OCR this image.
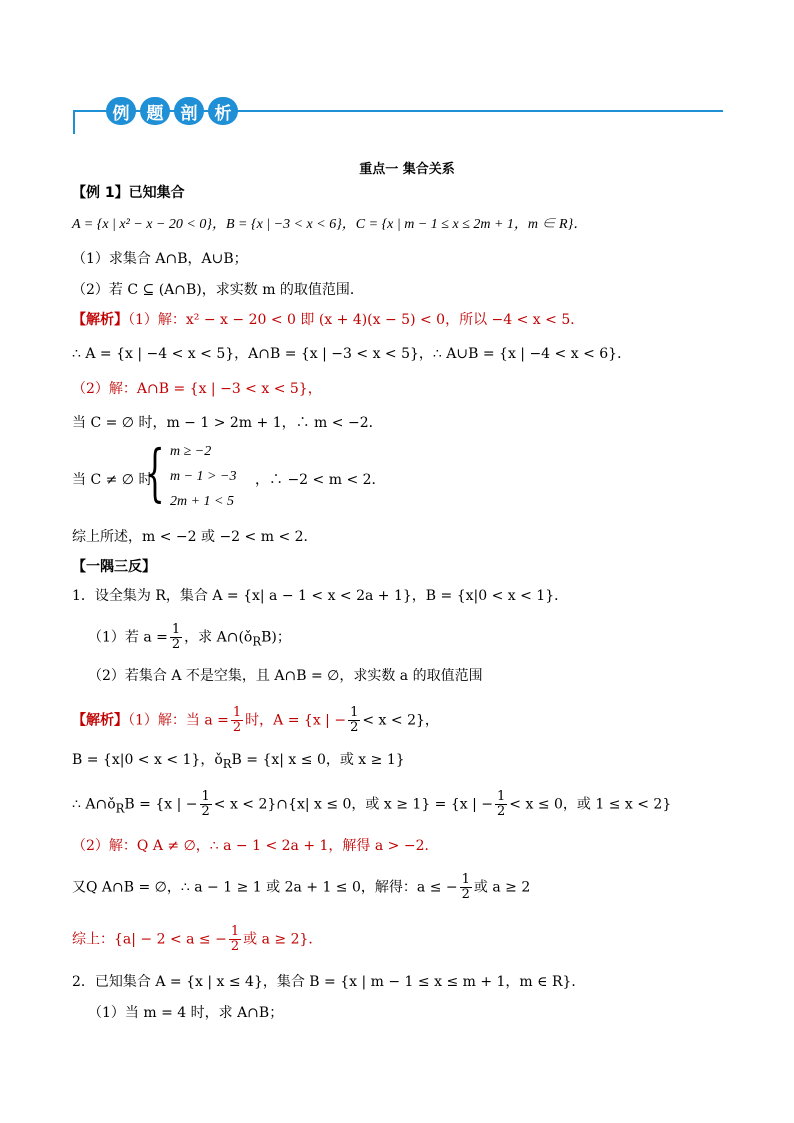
例	题	剖	析
重点一 集合关系
【例 1】已知集合
A = {x | x² − x − 20 < 0}，B = {x | −3 < x < 6}，C = {x | m − 1 ≤ x ≤ 2m + 1，m ∈ R}．
（1）求集合 A∩B，A∪B；
（2）若 C ⊆ (A∩B)，求实数 m 的取值范围．
【解析】（1）解：x² − x − 20 < 0 即 (x + 4)(x − 5) < 0，所以 −4 < x < 5．
∴ A = {x | −4 < x < 5}，A∩B = {x | −3 < x < 5}，∴ A∪B = {x | −4 < x < 6}．
（2）解：A∩B = {x | −3 < x < 5}，
当 C = ∅ 时，m − 1 > 2m + 1，∴ m < −2．
当 C ≠ ∅ 时，
{ m ≥ −2
m − 1 > −3
2m + 1 < 5
，∴ −2 < m < 2．
综上所述，m < −2 或 −2 < m < 2．
【一隅三反】
1．设全集为 R，集合 A = {x| a − 1 < x < 2a + 1}，B = {x|0 < x < 1}．
（1）若 $a = \frac{1}{2}$ ，求 $A\cap(ǒ_RB)$；
（2）若集合 A 不是空集，且 A∩B = ∅，求实数 a 的取值范围
【解析】（1）解：当 $a = \frac{1}{2}$ 时，A = {x | − $\frac{1}{2} < x < 2$}，
B = {x|0 < x < 1}，$ǒ_RB = \{x|$ x ≤ 0，或 x ≥ 1}
∴ $A\cap ǒ_RB = \{x$ | − $\frac{1}{2} < x$ < 2}∩{x| x ≤ 0，或 x ≥ 1} = {x | − $\frac{1}{2} < x \le 0$，或 1 ≤ x < 2}
（2）解：Q A ≠ ∅，∴ a − 1 < 2a + 1，解得 a > −2．
又Q A∩B = ∅，∴ a − 1 ≥ 1 或 2a + 1 ≤ 0，解得：a ≤ − $\frac{1}{2}$ 或 a ≥ 2
综上：{a| − 2 < a ≤ − $\frac{1}{2}$ 或 a ≥ 2}．
2．已知集合 A = {x | x ≤ 4}，集合 B = {x | m − 1 ≤ x ≤ m + 1，m ∈ R}．
（1）当 m = 4 时，求 A∩B；
